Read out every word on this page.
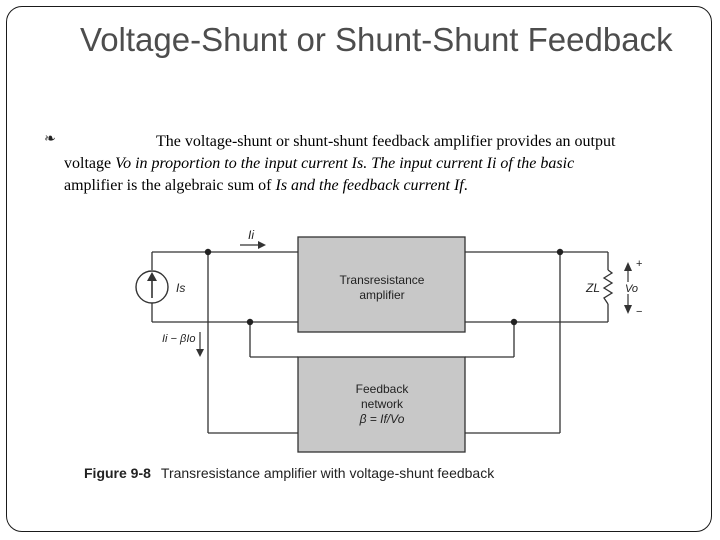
Voltage-Shunt or Shunt-Shunt Feedback
❧	The voltage-shunt or shunt-shunt feedback amplifier provides an output

voltage Vo in proportion to the input current Is. The input current Ii of the basic

amplifier is the algebraic sum of Is and the feedback current If.

Transresistance
amplifier
Feedback
network
β = If/Vo
Ii
Is
Ii − βIo
ZL Vo
+
−
Figure 9-8 Transresistance amplifier with voltage-shunt feedback
